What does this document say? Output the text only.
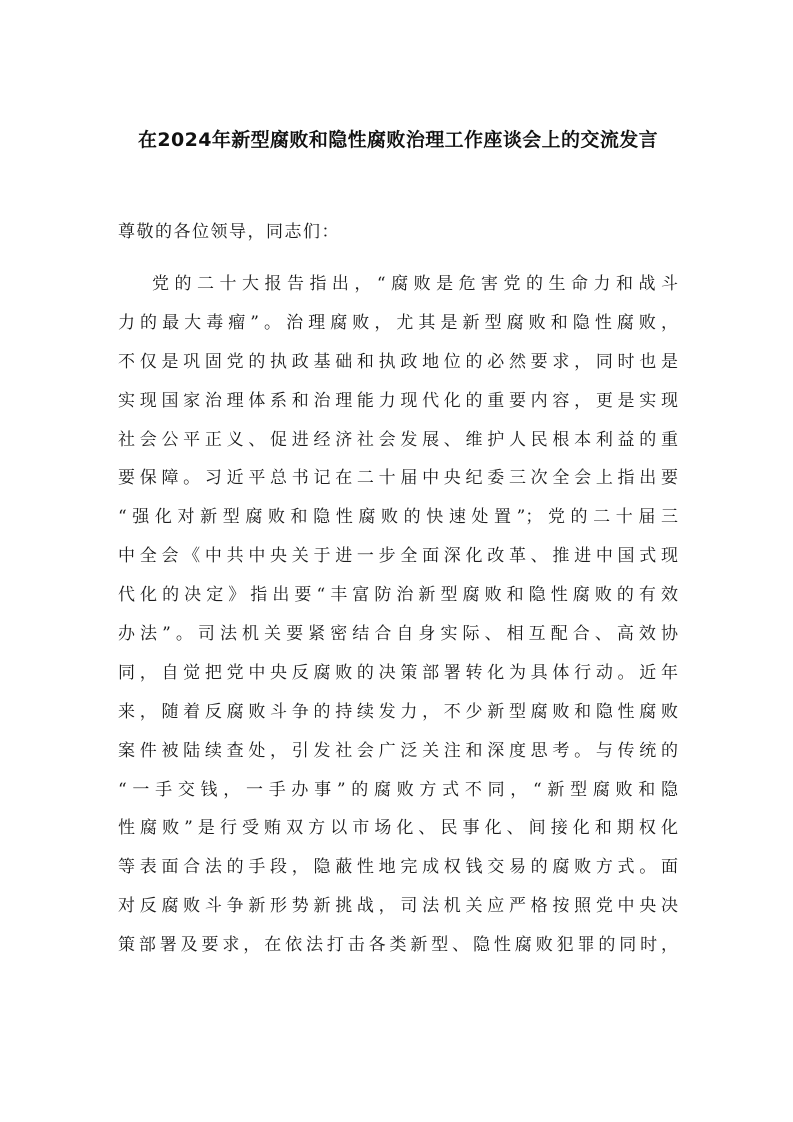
在2024年新型腐败和隐性腐败治理工作座谈会上的交流发言

尊敬的各位领导，同志们：

党的二十大报告指出，“腐败是危害党的生命力和战斗
力的最大毒瘤”。治理腐败，尤其是新型腐败和隐性腐败，
不仅是巩固党的执政基础和执政地位的必然要求，同时也是
实现国家治理体系和治理能力现代化的重要内容，更是实现
社会公平正义、促进经济社会发展、维护人民根本利益的重
要保障。习近平总书记在二十届中央纪委三次全会上指出要
“强化对新型腐败和隐性腐败的快速处置”；党的二十届三
中全会《中共中央关于进一步全面深化改革、推进中国式现
代化的决定》指出要“丰富防治新型腐败和隐性腐败的有效
办法”。司法机关要紧密结合自身实际、相互配合、高效协
同，自觉把党中央反腐败的决策部署转化为具体行动。近年
来，随着反腐败斗争的持续发力，不少新型腐败和隐性腐败
案件被陆续查处，引发社会广泛关注和深度思考。与传统的
“一手交钱，一手办事”的腐败方式不同，“新型腐败和隐
性腐败”是行受贿双方以市场化、民事化、间接化和期权化
等表面合法的手段，隐蔽性地完成权钱交易的腐败方式。面
对反腐败斗争新形势新挑战，司法机关应严格按照党中央决
策部署及要求，在依法打击各类新型、隐性腐败犯罪的同时，
